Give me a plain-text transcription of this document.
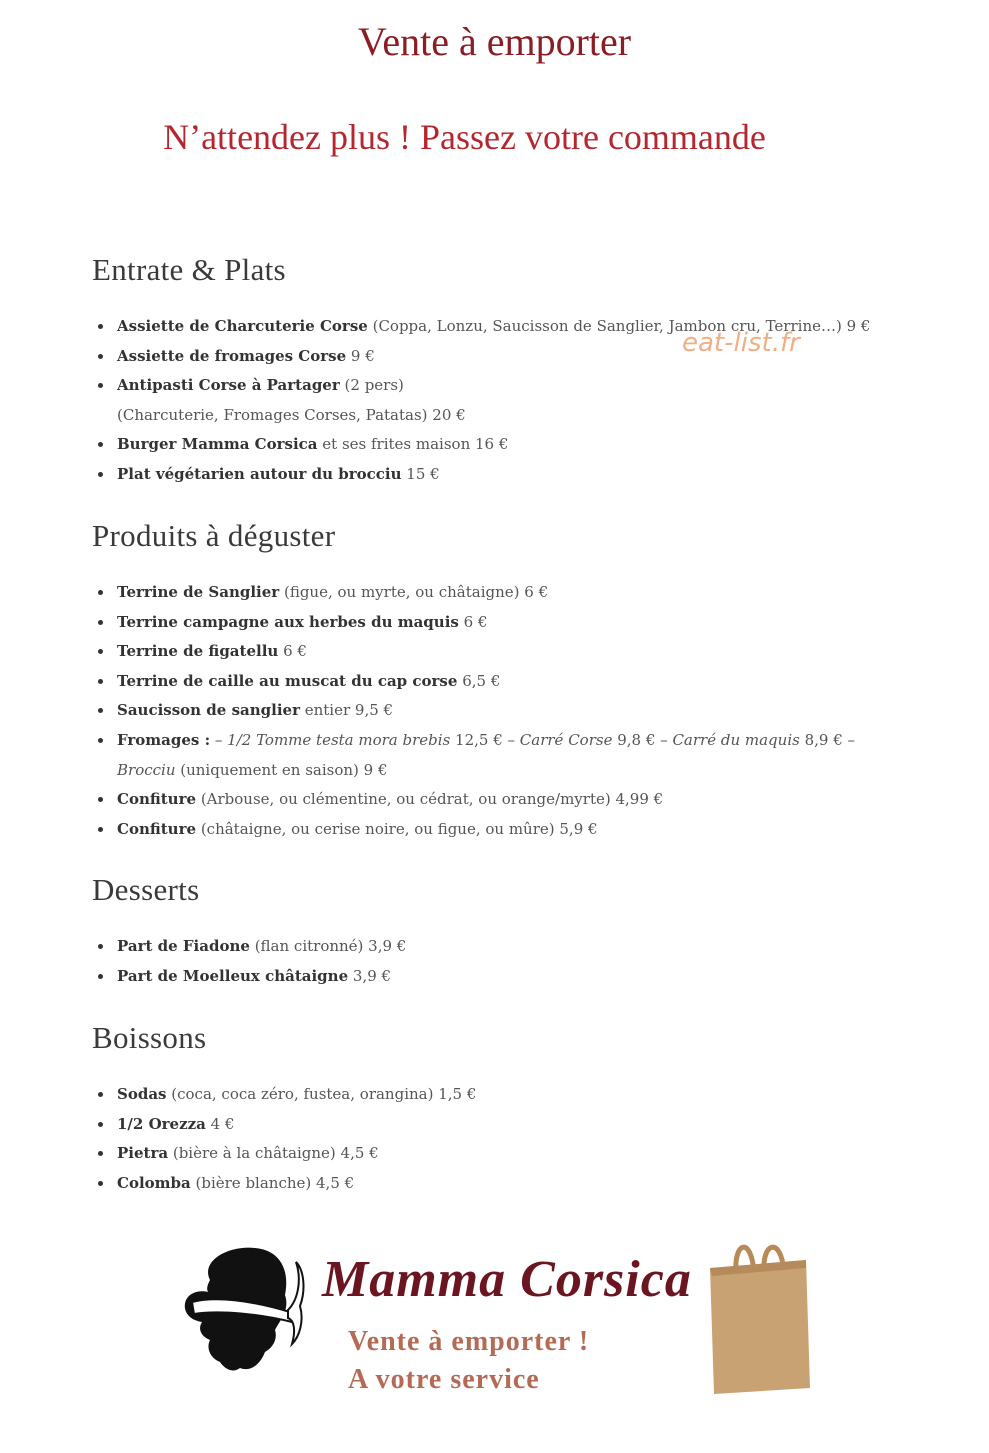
Vente à emporter
N’attendez plus ! Passez votre commande
eat-list.fr
Entrate & Plats
Assiette de Charcuterie Corse (Coppa, Lonzu, Saucisson de Sanglier, Jambon cru, Terrine…) 9 €
Assiette de fromages Corse 9 €
Antipasti Corse à Partager (2 pers)
(Charcuterie, Fromages Corses, Patatas) 20 €
Burger Mamma Corsica et ses frites maison 16 €
Plat végétarien autour du brocciu 15 €
Produits à déguster
Terrine de Sanglier (figue, ou myrte, ou châtaigne) 6 €
Terrine campagne aux herbes du maquis 6 €
Terrine de figatellu 6 €
Terrine de caille au muscat du cap corse 6,5 €
Saucisson de sanglier entier 9,5 €
Fromages : – 1/2 Tomme testa mora brebis 12,5 € – Carré Corse 9,8 € – Carré du maquis 8,9 € –
Brocciu (uniquement en saison) 9 €
Confiture (Arbouse, ou clémentine, ou cédrat, ou orange/myrte) 4,99 €
Confiture (châtaigne, ou cerise noire, ou figue, ou mûre) 5,9 €
Desserts
Part de Fiadone (flan citronné) 3,9 €
Part de Moelleux châtaigne 3,9 €
Boissons
Sodas (coca, coca zéro, fustea, orangina) 1,5 €
1/2 Orezza 4 €
Pietra (bière à la châtaigne) 4,5 €
Colomba (bière blanche) 4,5 €
Mamma Corsica
Vente à emporter !
A votre service
